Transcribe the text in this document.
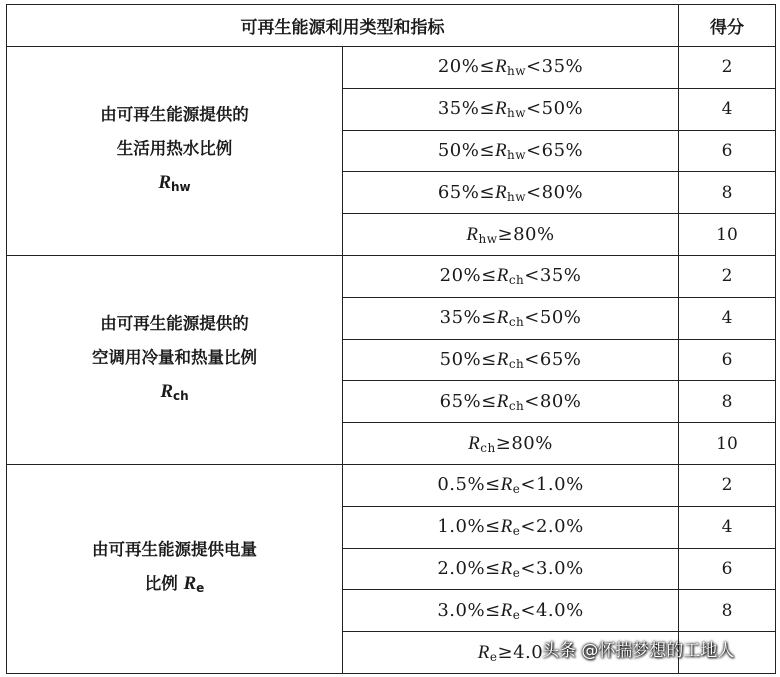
可再生能源利用类型和指标		得分

由可再生能源提供的
生活用热水比例
$R_{hw}$	$20\%\le R_{hw}<35\%$	2
	$35\%\le R_{hw}<50\%$	4
	$50\%\le R_{hw}<65\%$	6
	$65\%\le R_{hw}<80\%$	8
	$R_{hw}\ge 80\%$	10

由可再生能源提供的
空调用冷量和热量比例
$R_{ch}$	$20\%\le R_{ch}<35\%$	2
	$35\%\le R_{ch}<50\%$	4
	$50\%\le R_{ch}<65\%$	6
	$65\%\le R_{ch}<80\%$	8
	$R_{ch}\ge 80\%$	10

由可再生能源提供电量
比例 $R_e$	$0.5\%\le R_e<1.0\%$	2
	$1.0\%\le R_e<2.0\%$	4
	$2.0\%\le R_e<3.0\%$	6
	$3.0\%\le R_e<4.0\%$	8
	$R_e\ge 4.0$	
头条 @怀揣梦想的工地人
